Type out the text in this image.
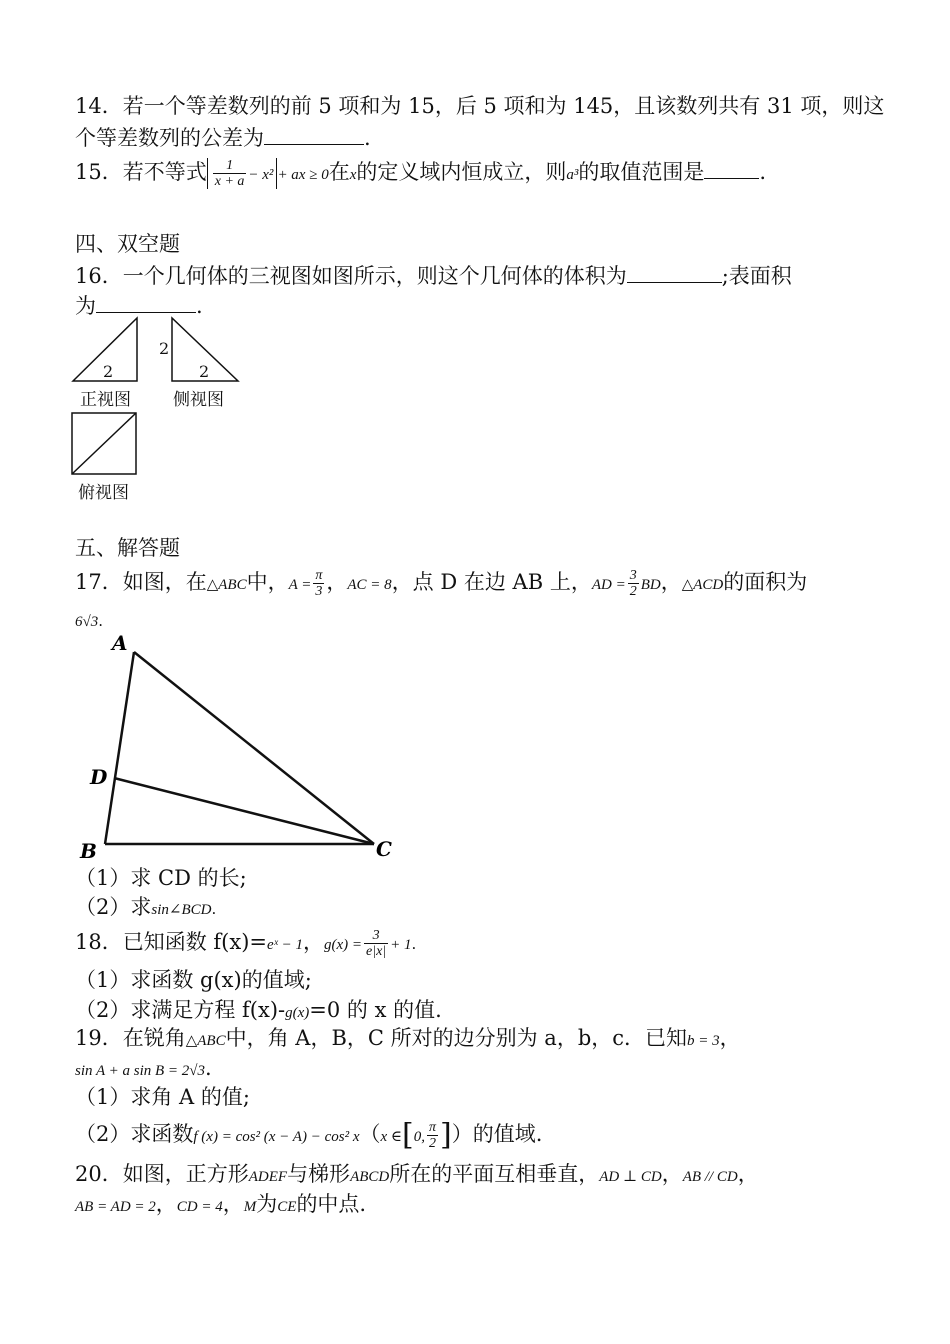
14．若一个等差数列的前 5 项和为 15，后 5 项和为 145，且该数列共有 31 项，则这
个等差数列的公差为	.
15．若不等式 $\frac{1}{x + a} - x^2$ + ax ≥ 0在x的定义域内恒成立，则a³的取值范围是	.
四、双空题
16．一个几何体的三视图如图所示，则这个几何体的体积为	;表面积
为	.
2
2
2
正视图 侧视图
俯视图
五、解答题
17．如图，在△ABC中，$A = \frac{\pi}{3}$ ，AC = 8，点 D 在边 AB 上，AD = $\frac{3}{2}$ BD，△ACD的面积为
6√3.
A
D
B	C
（1）求 CD 的长;
（2）求sin∠BCD.
18．已知函数 f(x)=eˣ − 1，$g(x) = \frac{3}{e|x|} + 1$.
（1）求函数 g(x)的值域;
（2）求满足方程 f(x)-g(x)=0 的 x 的值.
19．在锐角△ABC中，角 A，B，C 所对的边分别为 a，b，c．已知b = 3，
sin A + a sin B = 2√3.
（1）求角 A 的值;
（2）求函数f (x) = cos² (x − A) − cos² x（x ∈[0, $\frac{\pi}{2}$ ]）的值域.
20．如图，正方形ADEF与梯形ABCD所在的平面互相垂直，AD ⊥ CD，AB // CD，
AB = AD = 2，CD = 4，M为CE的中点.
